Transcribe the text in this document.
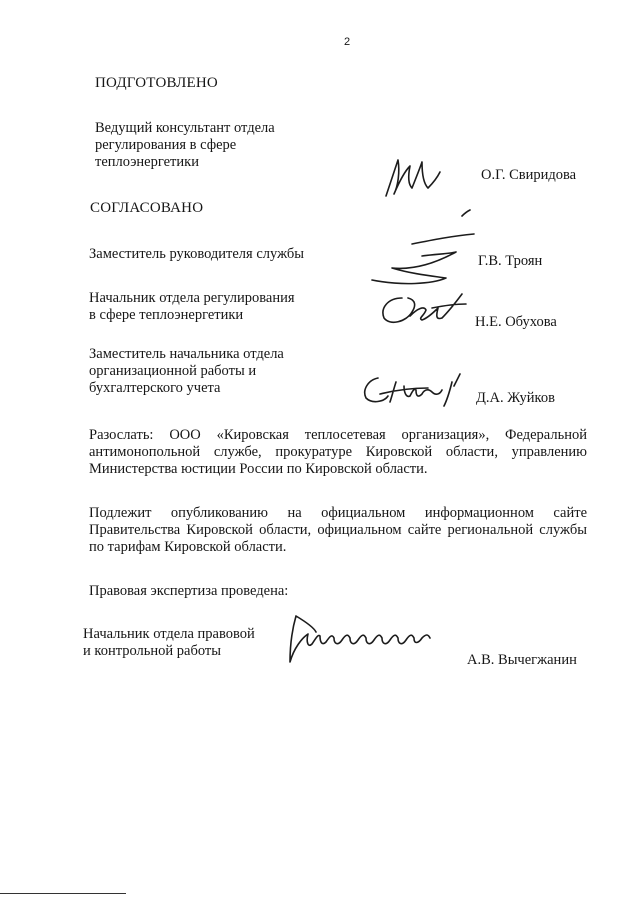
2
ПОДГОТОВЛЕНО
Ведущий консультант отдела
регулирования в сфере
теплоэнергетики
О.Г. Свиридова
СОГЛАСОВАНО
Заместитель руководителя службы	Г.В. Троян
Начальник отдела регулирования
в сфере теплоэнергетики	Н.Е. Обухова
Заместитель начальника отдела
организационной работы и
бухгалтерского учета
Д.А. Жуйков
Разослать: ООО «Кировская теплосетевая организация», Федеральной антимонопольной службе, прокуратуре Кировской области, управлению Министерства юстиции России по Кировской области.
Подлежит опубликованию на официальном информационном сайте Правительства Кировской области, официальном сайте региональной службы по тарифам Кировской области.
Правовая экспертиза проведена:
Начальник отдела правовой
и контрольной работы
А.В. Вычегжанин
